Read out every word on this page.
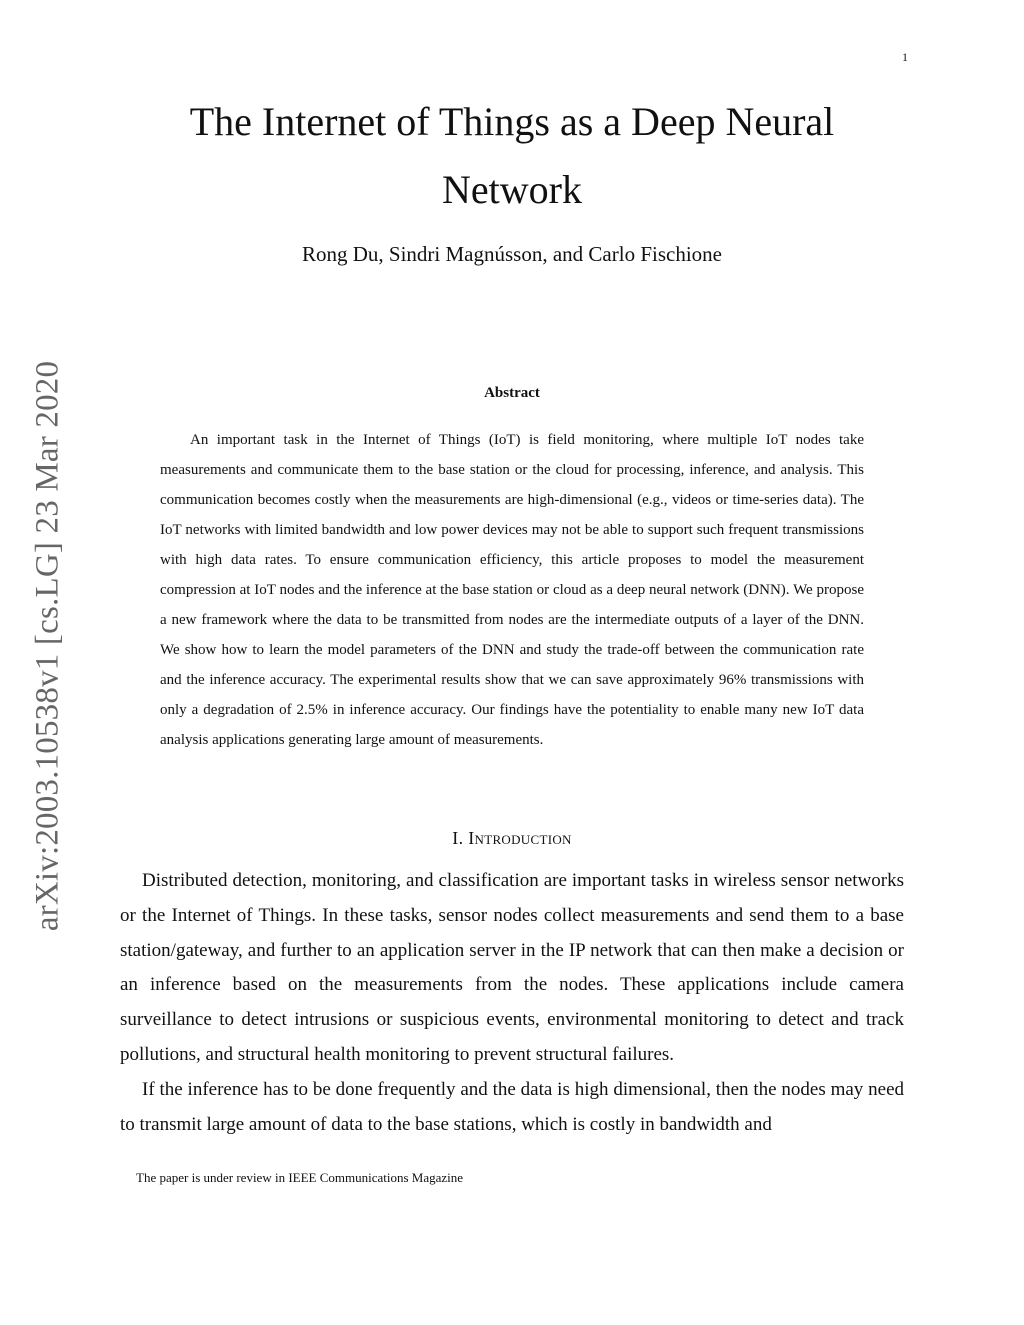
1
arXiv:2003.10538v1 [cs.LG] 23 Mar 2020
The Internet of Things as a Deep Neural Network
Rong Du, Sindri Magnússon, and Carlo Fischione
Abstract

An important task in the Internet of Things (IoT) is field monitoring, where multiple IoT nodes take measurements and communicate them to the base station or the cloud for processing, inference, and analysis. This communication becomes costly when the measurements are high-dimensional (e.g., videos or time-series data). The IoT networks with limited bandwidth and low power devices may not be able to support such frequent transmissions with high data rates. To ensure communication efficiency, this article proposes to model the measurement compression at IoT nodes and the inference at the base station or cloud as a deep neural network (DNN). We propose a new framework where the data to be transmitted from nodes are the intermediate outputs of a layer of the DNN. We show how to learn the model parameters of the DNN and study the trade-off between the communication rate and the inference accuracy. The experimental results show that we can save approximately 96% transmissions with only a degradation of 2.5% in inference accuracy. Our findings have the potentiality to enable many new IoT data analysis applications generating large amount of measurements.

I. Introduction

Distributed detection, monitoring, and classification are important tasks in wireless sensor networks or the Internet of Things. In these tasks, sensor nodes collect measurements and send them to a base station/gateway, and further to an application server in the IP network that can then make a decision or an inference based on the measurements from the nodes. These applications include camera surveillance to detect intrusions or suspicious events, environmental monitoring to detect and track pollutions, and structural health monitoring to prevent structural failures.

If the inference has to be done frequently and the data is high dimensional, then the nodes may need to transmit large amount of data to the base stations, which is costly in bandwidth and

The paper is under review in IEEE Communications Magazine
